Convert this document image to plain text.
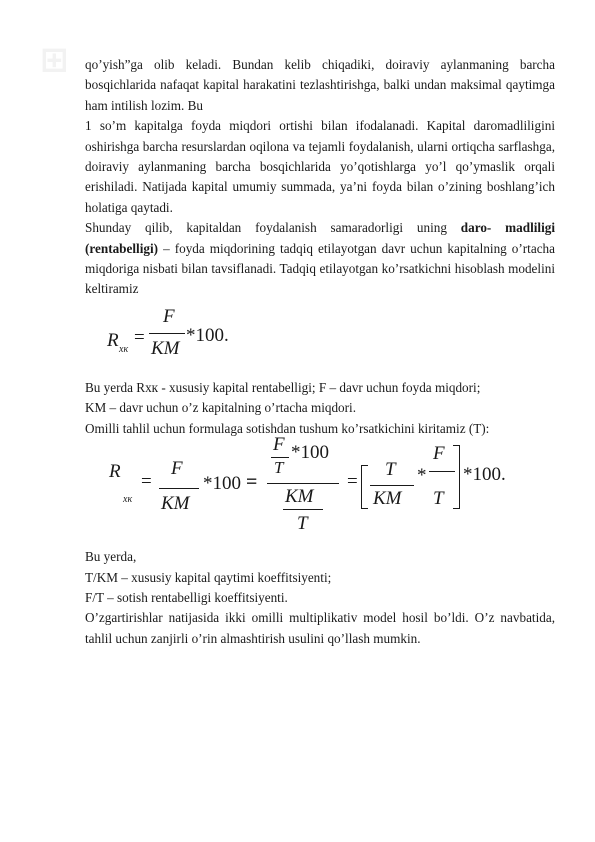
⊞ qo’yish”ga olib keladi. Bundan kelib chiqadiki, doiraviy aylanmaning barcha bosqichlarida nafaqat kapital harakatini tezlashtirishga, balki undan maksimal qaytimga ham intilish lozim. Bu

1 so’m kapitalga foyda miqdori ortishi bilan ifodalanadi. Kapital daromadliligini oshirishga barcha resurslardan oqilona va tejamli foydalanish, ularni ortiqcha sarflashga, doiraviy aylanmaning barcha bosqichlarida yo’qotishlarga yo’l qo’ymaslik orqali erishiladi. Natijada kapital umumiy summada, ya’ni foyda bilan o’zining boshlang’ich holatiga qaytadi.

Shunday qilib, kapitaldan foydalanish samaradorligi uning daro- madliligi (rentabelligi) – foyda miqdorining tadqiq etilayotgan davr uchun kapitalning o’rtacha miqdoriga nisbati bilan tavsiflanadi. Tadqiq etilayotgan ko’rsatkichni hisoblash modelini keltiramiz

R хк
=
F
KM
*100.

Bu yerda Rхк - xususiy kapital rentabelligi; F – davr uchun foyda miqdori;

KM – davr uchun o’z kapitalning o’rtacha miqdori.

Omilli tahlil uchun formulaga sotishdan tushum ko’rsatkichini kiritamiz (T):

R
хк
=
F
KM
*100 =
F
T
*100
KM
T
=
T
KM
*
F
T
*100.

Bu yerda,

T/KM – xususiy kapital qaytimi koeffitsiyenti;

F/T – sotish rentabelligi koeffitsiyenti.

O’zgartirishlar natijasida ikki omilli multiplikativ model hosil bo’ldi. O’z navbatida, tahlil uchun zanjirli o’rin almashtirish usulini qo’llash mumkin.
